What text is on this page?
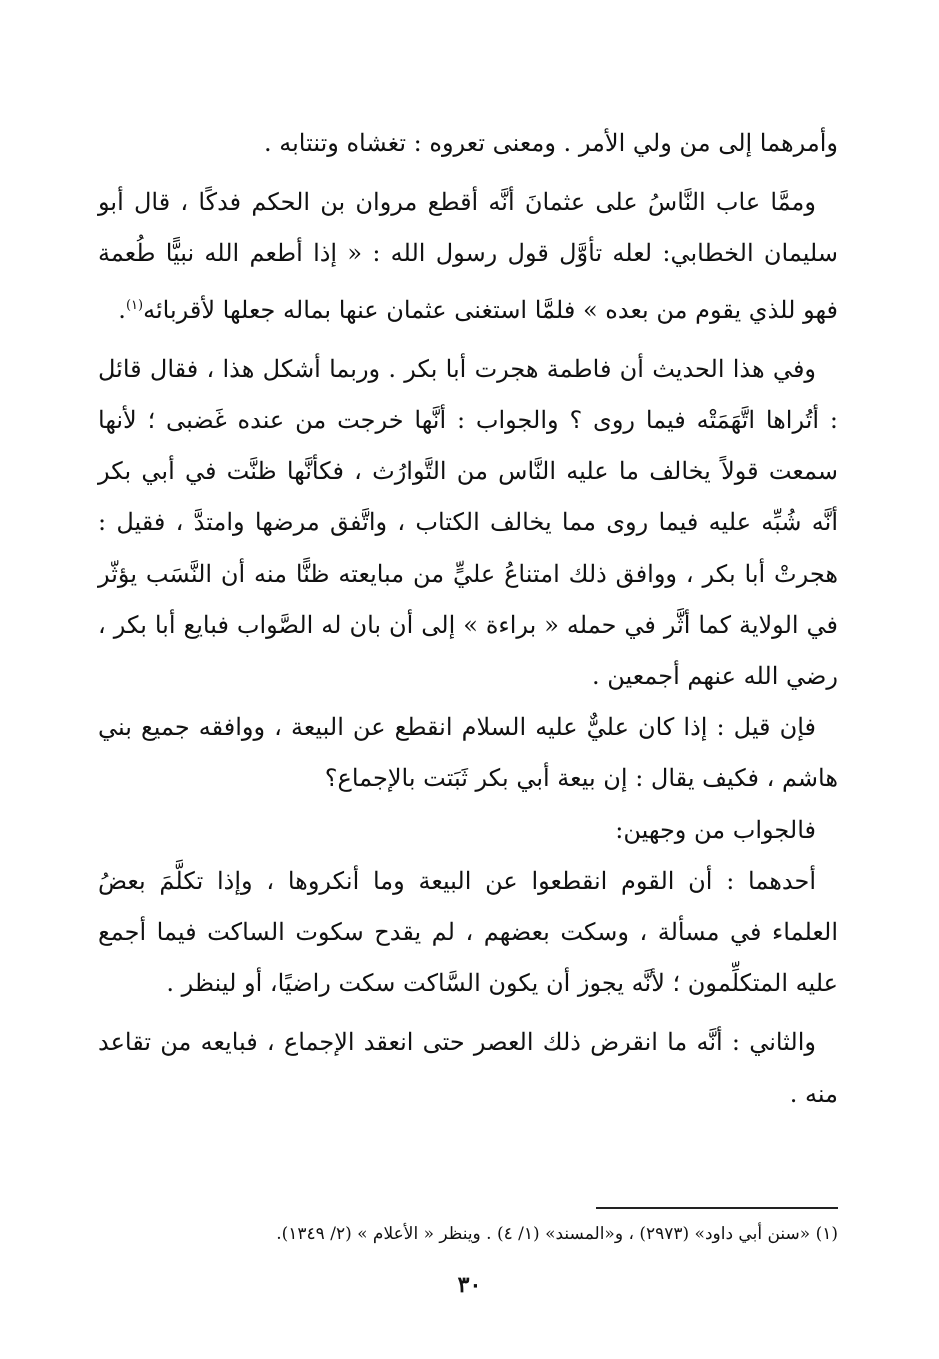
وأمرهما إلى من ولي الأمر . ومعنى تعروه : تغشاه وتنتابه .

وممَّا عاب النَّاسُ على عثمانَ أنَّه أقطع مروان بن الحكم فدكًا ، قال أبو سليمان الخطابي: لعله تأوَّل قول رسول الله : « إذا أطعم الله نبيًّا طُعمة فهو للذي يقوم من بعده » فلمَّا استغنى عثمان عنها بماله جعلها لأقربائه$^{(١)}$.

وفي هذا الحديث أن فاطمة هجرت أبا بكر . وربما أشكل هذا ، فقال قائل : أتُراها اتَّهَمَتْه فيما روى ؟ والجواب : أنَّها خرجت من عنده غَضبى ؛ لأنها سمعت قولاً يخالف ما عليه النَّاس من التَّوارُث ، فكأنَّها ظنَّت في أبي بكر أنَّه شُبِّه عليه فيما روى مما يخالف الكتاب ، واتَّفق مرضها وامتدَّ ، فقيل : هجرتْ أبا بكر ، ووافق ذلك امتناعُ عليٍّ من مبايعته ظنًّا منه أن النَّسَب يؤثّر في الولاية كما أثَّر في حمله « براءة » إلى أن بان له الصَّواب فبايع أبا بكر ، رضي الله عنهم أجمعين .

فإن قيل : إذا كان عليٌّ عليه السلام انقطع عن البيعة ، ووافقه جميع بني هاشم ، فكيف يقال : إن بيعة أبي بكر ثَبَتت بالإجماع؟

فالجواب من وجهين:

أحدهما : أن القوم انقطعوا عن البيعة وما أنكروها ، وإذا تكلَّمَ بعضُ العلماء في مسألة ، وسكت بعضهم ، لم يقدح سكوت الساكت فيما أجمع عليه المتكلِّمون ؛ لأنَّه يجوز أن يكون السَّاكت سكت راضيًا، أو لينظر .

والثاني : أنَّه ما انقرض ذلك العصر حتى انعقد الإجماع ، فبايعه من تقاعد منه .

(١) «سنن أبي داود» (٢٩٧٣) ، و«المسند» (١/ ٤) . وينظر « الأعلام » (٢/ ١٣٤٩).
٣٠
